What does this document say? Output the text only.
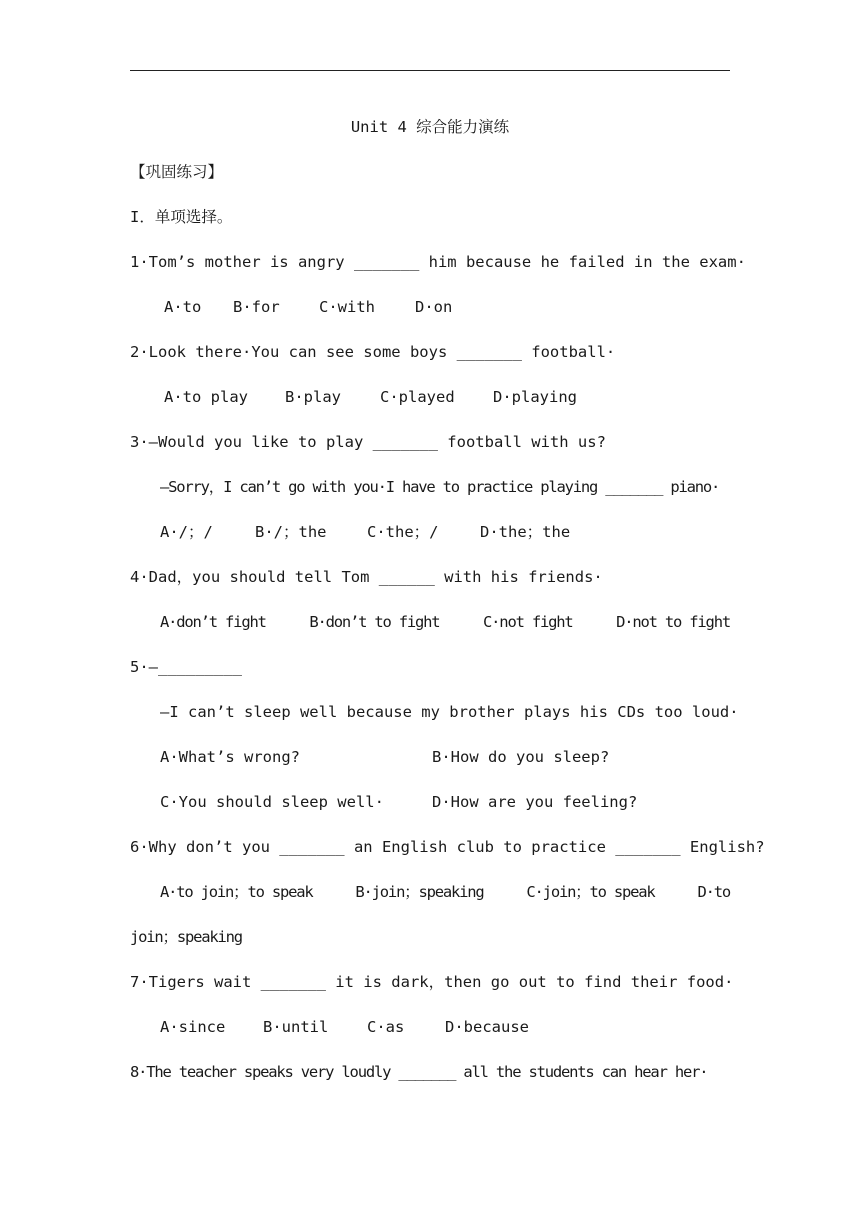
Unit 4 综合能力演练
【巩固练习】
I．单项选择。
1·Tom’s mother is angry _______ him because he failed in the exam·
A·to B·for	C·with	D·on
2·Look there·You can see some boys _______ football·
A·to play B·play	C·played D·playing
3·—Would you like to play _______ football with us?
—Sorry，I can’t go with you·I have to practice playing _______ piano·
A·/；/	B·/；the	C·the；/	D·the；the
4·Dad，you should tell Tom ______ with his friends·
A·don’t fight	B·don’t to fight	C·not fight	D·not to fight
5·—_________
—I can’t sleep well because my brother plays his CDs too loud·
A·What’s wrong?	B·How do you sleep?
C·You should sleep well·	D·How are you feeling?
6·Why don’t you _______ an English club to practice _______ English?
A·to join；to speak	B·join；speaking	C·join；to speak	D·to
join；speaking
7·Tigers wait _______ it is dark，then go out to find their food·
A·since B·until C·as	D·because
8·The teacher speaks very loudly _______ all the students can hear her·
